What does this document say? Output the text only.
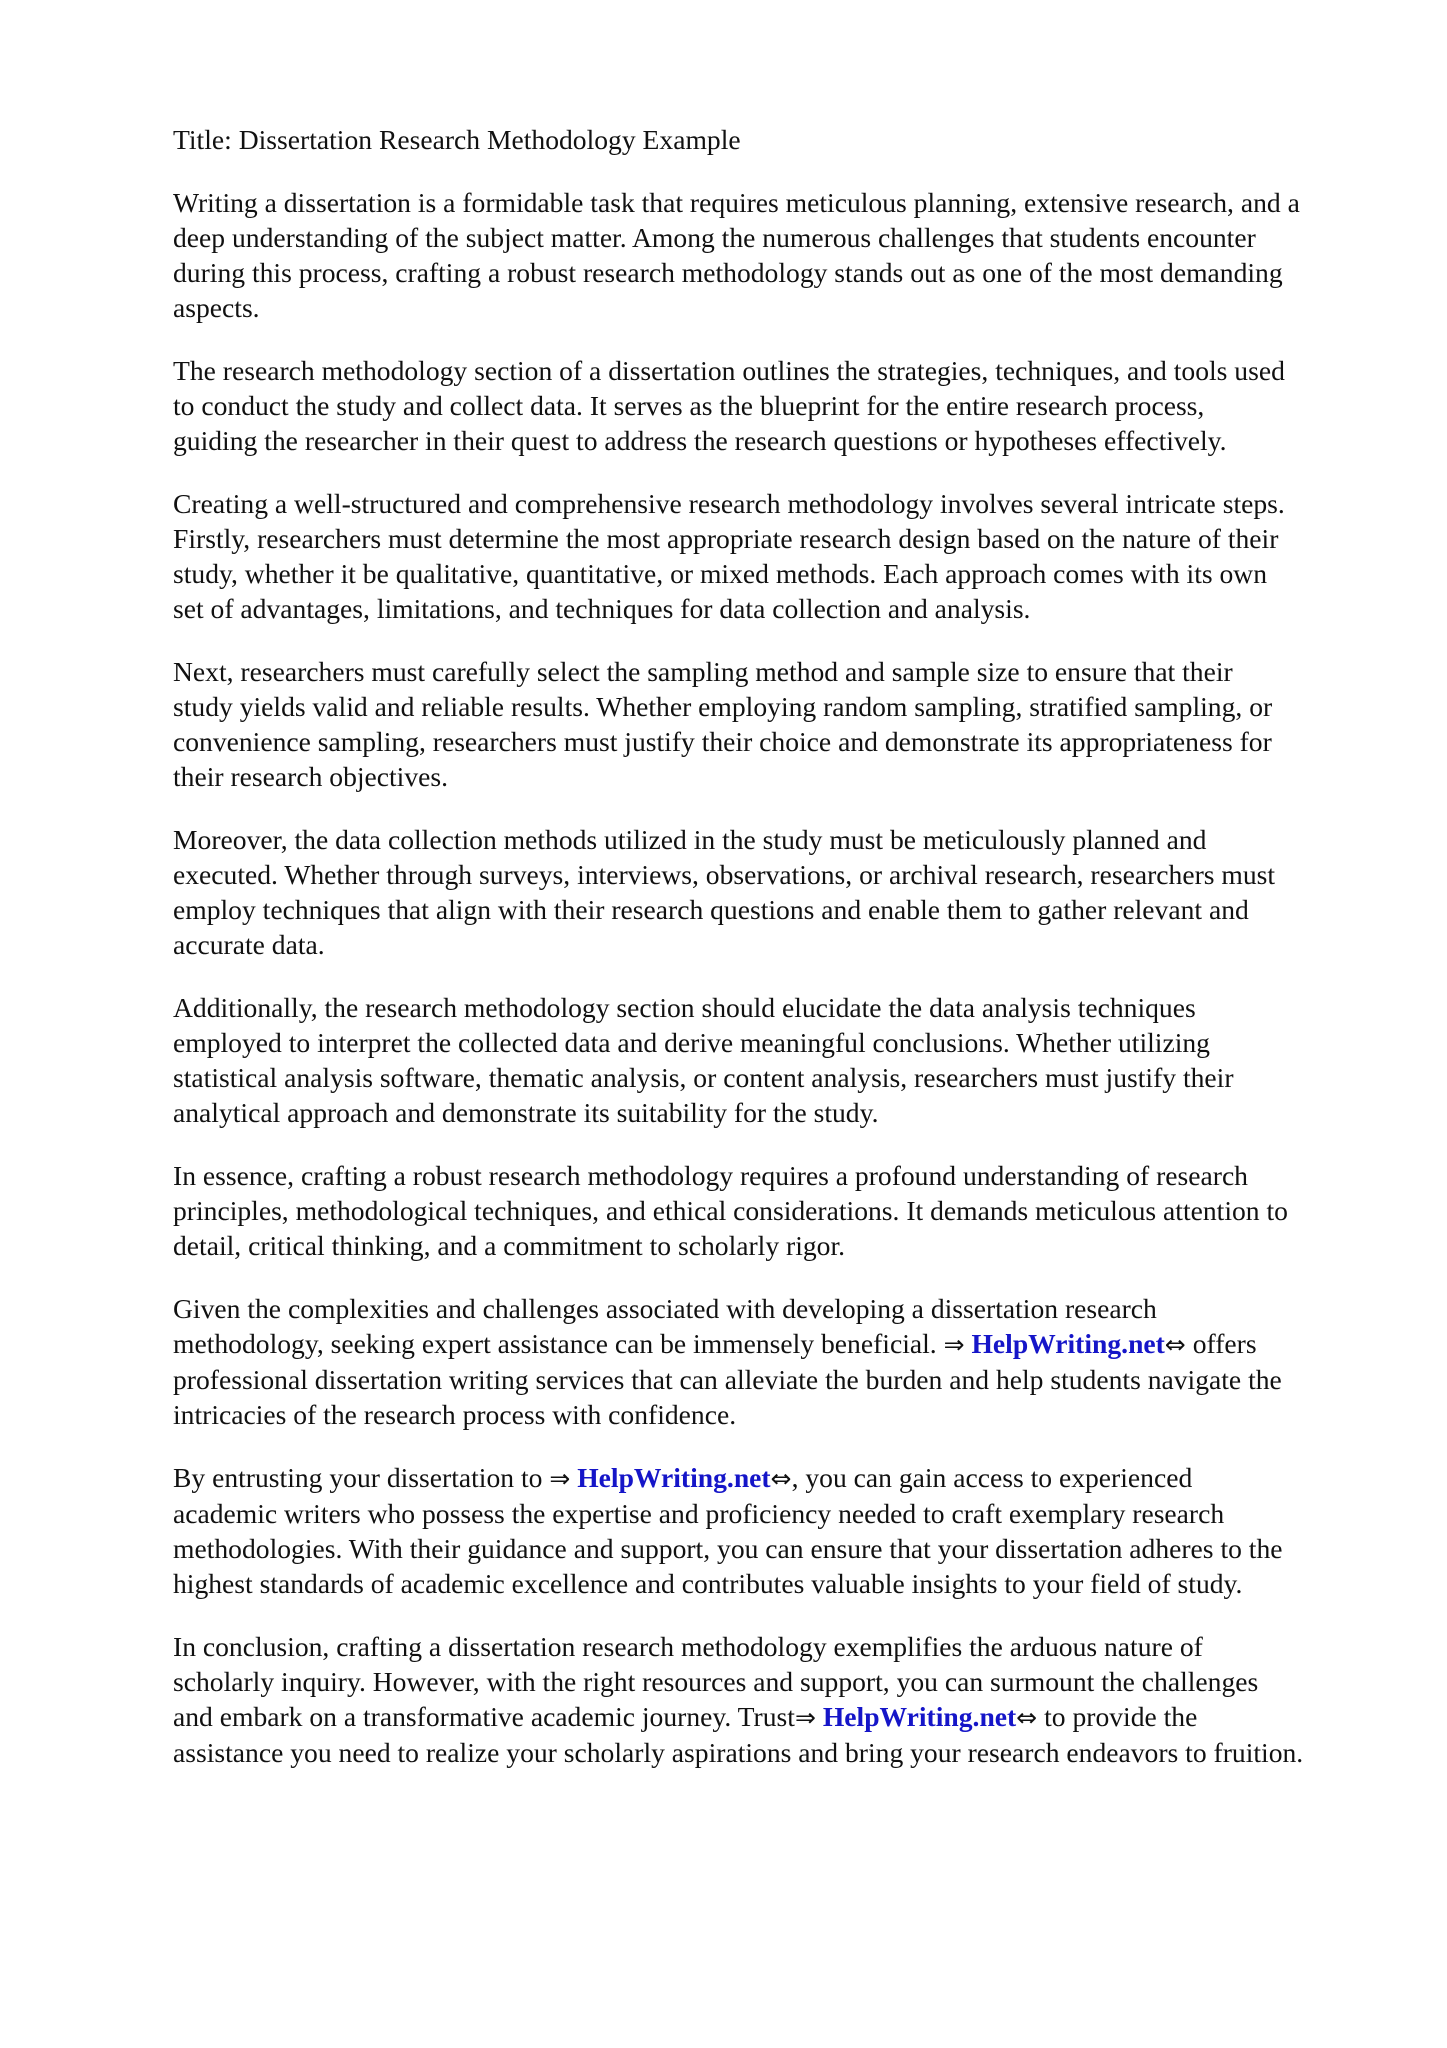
Title: Dissertation Research Methodology Example

Writing a dissertation is a formidable task that requires meticulous planning, extensive research, and a
deep understanding of the subject matter. Among the numerous challenges that students encounter
during this process, crafting a robust research methodology stands out as one of the most demanding
aspects.

The research methodology section of a dissertation outlines the strategies, techniques, and tools used
to conduct the study and collect data. It serves as the blueprint for the entire research process,
guiding the researcher in their quest to address the research questions or hypotheses effectively.

Creating a well-structured and comprehensive research methodology involves several intricate steps.
Firstly, researchers must determine the most appropriate research design based on the nature of their
study, whether it be qualitative, quantitative, or mixed methods. Each approach comes with its own
set of advantages, limitations, and techniques for data collection and analysis.

Next, researchers must carefully select the sampling method and sample size to ensure that their
study yields valid and reliable results. Whether employing random sampling, stratified sampling, or
convenience sampling, researchers must justify their choice and demonstrate its appropriateness for
their research objectives.

Moreover, the data collection methods utilized in the study must be meticulously planned and
executed. Whether through surveys, interviews, observations, or archival research, researchers must
employ techniques that align with their research questions and enable them to gather relevant and
accurate data.

Additionally, the research methodology section should elucidate the data analysis techniques
employed to interpret the collected data and derive meaningful conclusions. Whether utilizing
statistical analysis software, thematic analysis, or content analysis, researchers must justify their
analytical approach and demonstrate its suitability for the study.

In essence, crafting a robust research methodology requires a profound understanding of research
principles, methodological techniques, and ethical considerations. It demands meticulous attention to
detail, critical thinking, and a commitment to scholarly rigor.

Given the complexities and challenges associated with developing a dissertation research
methodology, seeking expert assistance can be immensely beneficial. ⇒ HelpWriting.net⇔ offers
professional dissertation writing services that can alleviate the burden and help students navigate the
intricacies of the research process with confidence.

By entrusting your dissertation to ⇒ HelpWriting.net⇔, you can gain access to experienced
academic writers who possess the expertise and proficiency needed to craft exemplary research
methodologies. With their guidance and support, you can ensure that your dissertation adheres to the
highest standards of academic excellence and contributes valuable insights to your field of study.

In conclusion, crafting a dissertation research methodology exemplifies the arduous nature of
scholarly inquiry. However, with the right resources and support, you can surmount the challenges
and embark on a transformative academic journey. Trust⇒ HelpWriting.net⇔ to provide the
assistance you need to realize your scholarly aspirations and bring your research endeavors to fruition.
